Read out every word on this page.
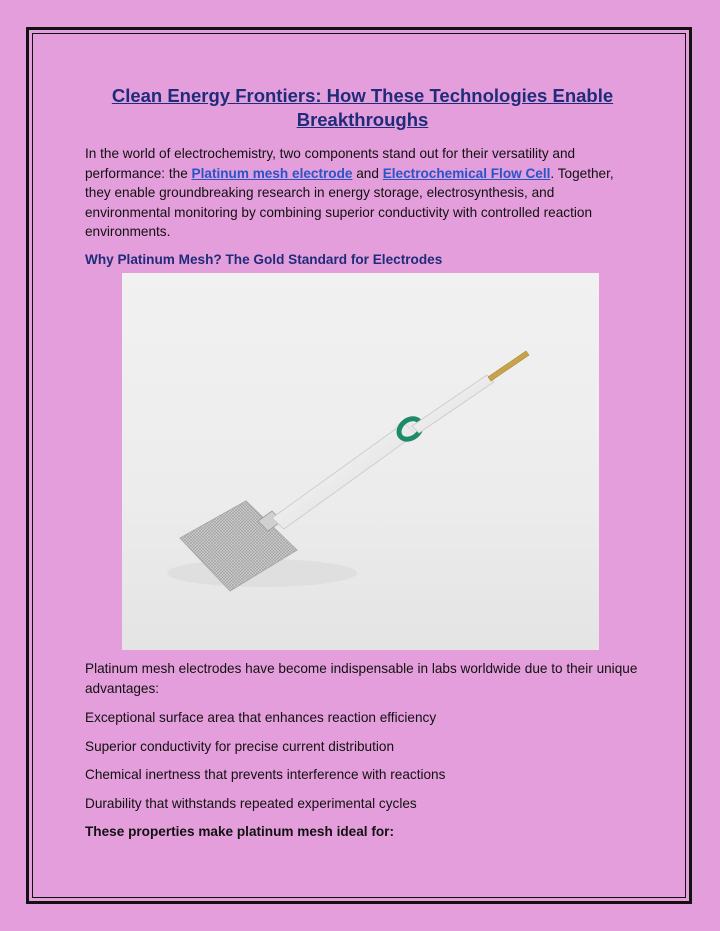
Clean Energy Frontiers: How These Technologies Enable Breakthroughs

In the world of electrochemistry, two components stand out for their versatility and performance: the Platinum mesh electrode and Electrochemical Flow Cell. Together, they enable groundbreaking research in energy storage, electrosynthesis, and environmental monitoring by combining superior conductivity with controlled reaction environments.

Why Platinum Mesh? The Gold Standard for Electrodes

Platinum mesh electrodes have become indispensable in labs worldwide due to their unique advantages:

Exceptional surface area that enhances reaction efficiency

Superior conductivity for precise current distribution

Chemical inertness that prevents interference with reactions

Durability that withstands repeated experimental cycles

These properties make platinum mesh ideal for:
